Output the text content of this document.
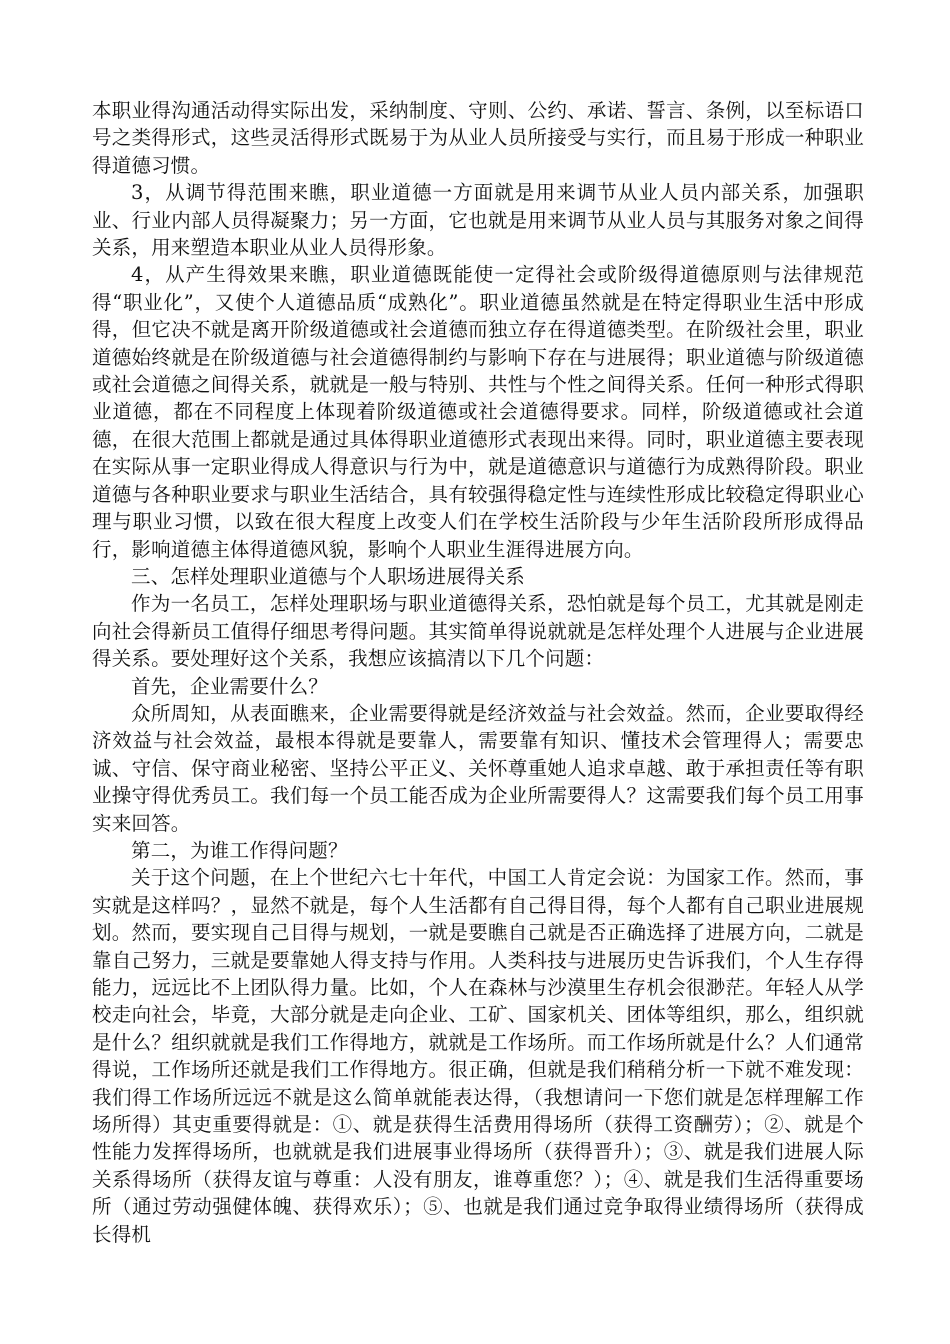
本职业得沟通活动得实际出发，采纳制度、守则、公约、承诺、誓言、条例，以至标语口号之类得形式，这些灵活得形式既易于为从业人员所接受与实行，而且易于形成一种职业得道德习惯。

3，从调节得范围来瞧，职业道德一方面就是用来调节从业人员内部关系，加强职业、行业内部人员得凝聚力；另一方面，它也就是用来调节从业人员与其服务对象之间得关系，用来塑造本职业从业人员得形象。

4，从产生得效果来瞧，职业道德既能使一定得社会或阶级得道德原则与法律规范得“职业化”，又使个人道德品质“成熟化”。职业道德虽然就是在特定得职业生活中形成得，但它决不就是离开阶级道德或社会道德而独立存在得道德类型。在阶级社会里，职业道德始终就是在阶级道德与社会道德得制约与影响下存在与进展得；职业道德与阶级道德或社会道德之间得关系，就就是一般与特别、共性与个性之间得关系。任何一种形式得职业道德，都在不同程度上体现着阶级道德或社会道德得要求。同样，阶级道德或社会道德，在很大范围上都就是通过具体得职业道德形式表现出来得。同时，职业道德主要表现在实际从事一定职业得成人得意识与行为中，就是道德意识与道德行为成熟得阶段。职业道德与各种职业要求与职业生活结合，具有较强得稳定性与连续性形成比较稳定得职业心理与职业习惯，以致在很大程度上改变人们在学校生活阶段与少年生活阶段所形成得品行，影响道德主体得道德风貌，影响个人职业生涯得进展方向。

三、怎样处理职业道德与个人职场进展得关系

作为一名员工，怎样处理职场与职业道德得关系，恐怕就是每个员工，尤其就是刚走向社会得新员工值得仔细思考得问题。其实简单得说就就是怎样处理个人进展与企业进展得关系。要处理好这个关系，我想应该搞清以下几个问题：

首先，企业需要什么？

众所周知，从表面瞧来，企业需要得就是经济效益与社会效益。然而，企业要取得经济效益与社会效益，最根本得就是要靠人，需要靠有知识、懂技术会管理得人；需要忠诚、守信、保守商业秘密、坚持公平正义、关怀尊重她人追求卓越、敢于承担责任等有职业操守得优秀员工。我们每一个员工能否成为企业所需要得人？这需要我们每个员工用事实来回答。

第二，为谁工作得问题？

关于这个问题，在上个世纪六七十年代，中国工人肯定会说：为国家工作。然而，事实就是这样吗？，显然不就是，每个人生活都有自己得目得，每个人都有自己职业进展规划。然而，要实现自己目得与规划，一就是要瞧自己就是否正确选择了进展方向，二就是靠自己努力，三就是要靠她人得支持与作用。人类科技与进展历史告诉我们，个人生存得能力，远远比不上团队得力量。比如，个人在森林与沙漠里生存机会很渺茫。年轻人从学校走向社会，毕竟，大部分就是走向企业、工矿、国家机关、团体等组织，那么，组织就是什么？组织就就是我们工作得地方，就就是工作场所。而工作场所就是什么？人们通常得说，工作场所还就是我们工作得地方。很正确，但就是我们稍稍分析一下就不难发现：我们得工作场所远远不就是这么简单就能表达得，（我想请问一下您们就是怎样理解工作场所得）其吏重要得就是：①、就是获得生活费用得场所（获得工资酬劳）；②、就是个性能力发挥得场所，也就就是我们进展事业得场所（获得晋升）；③、就是我们进展人际关系得场所（获得友谊与尊重：人没有朋友，谁尊重您？）；④、就是我们生活得重要场所（通过劳动强健体魄、获得欢乐）；⑤、也就是我们通过竞争取得业绩得场所（获得成长得机
